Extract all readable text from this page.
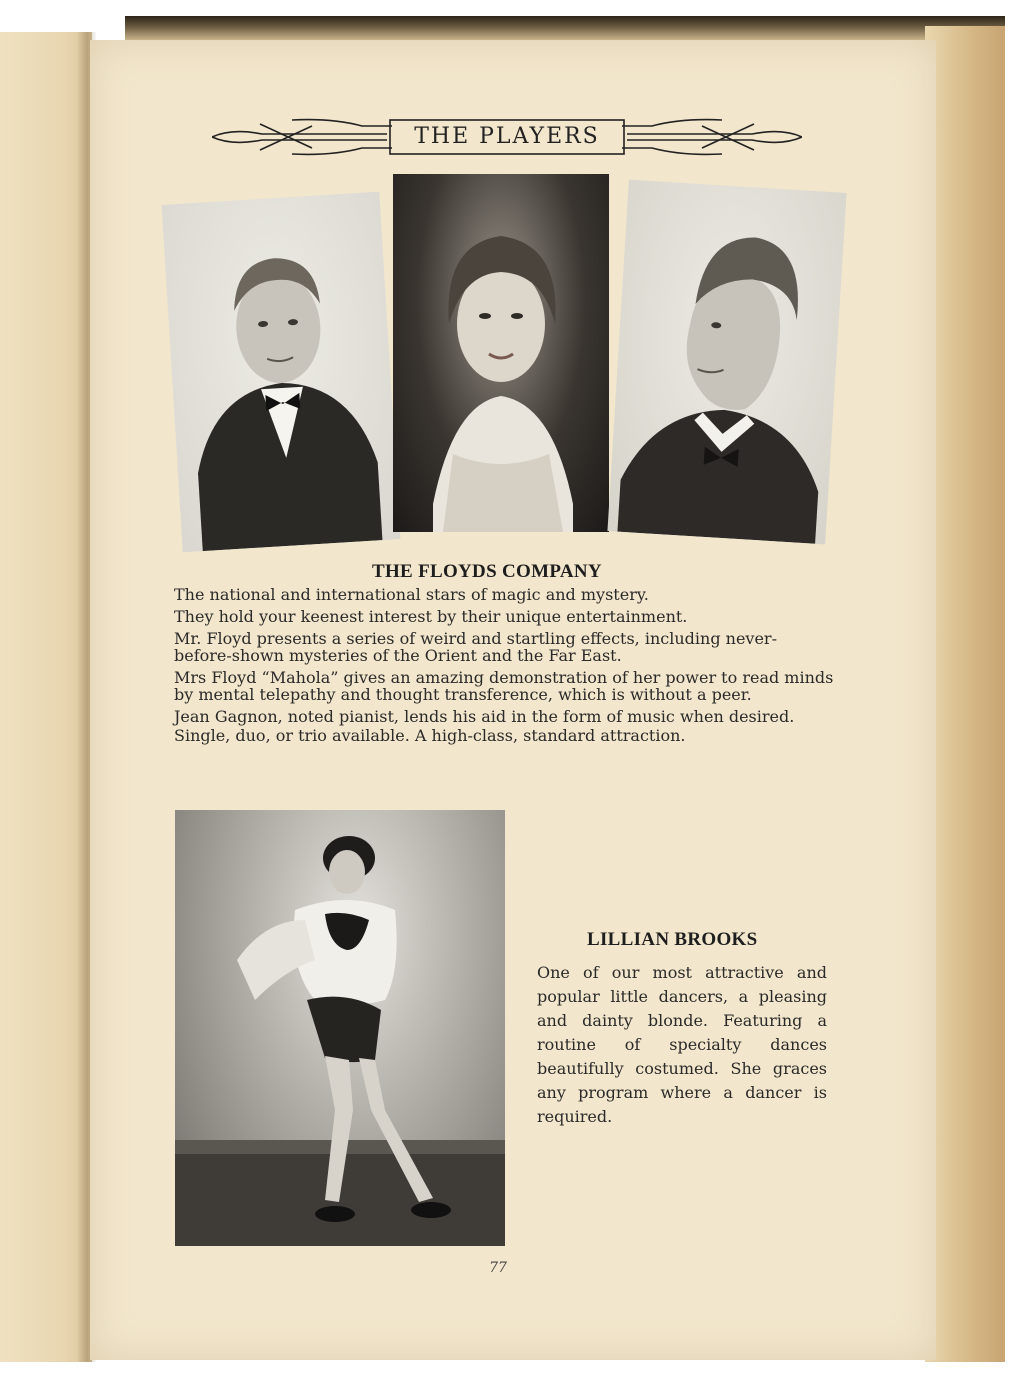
THE PLAYERS
THE FLOYDS COMPANY

The national and international stars of magic and mystery.

They hold your keenest interest by their unique entertainment.

Mr. Floyd presents a series of weird and startling effects, including never-before-shown mysteries of the Orient and the Far East.

Mrs Floyd “Mahola” gives an amazing demonstration of her power to read minds by mental telepathy and thought transference, which is without a peer.

Jean Gagnon, noted pianist, lends his aid in the form of music when desired.

Single, duo, or trio available. A high-class, standard attraction.

LILLIAN BROOKS
One of our most attractive and popular little dancers, a pleasing and dainty blonde. Featuring a routine of specialty dances beautifully costumed. She graces any program where a dancer is required.
77
